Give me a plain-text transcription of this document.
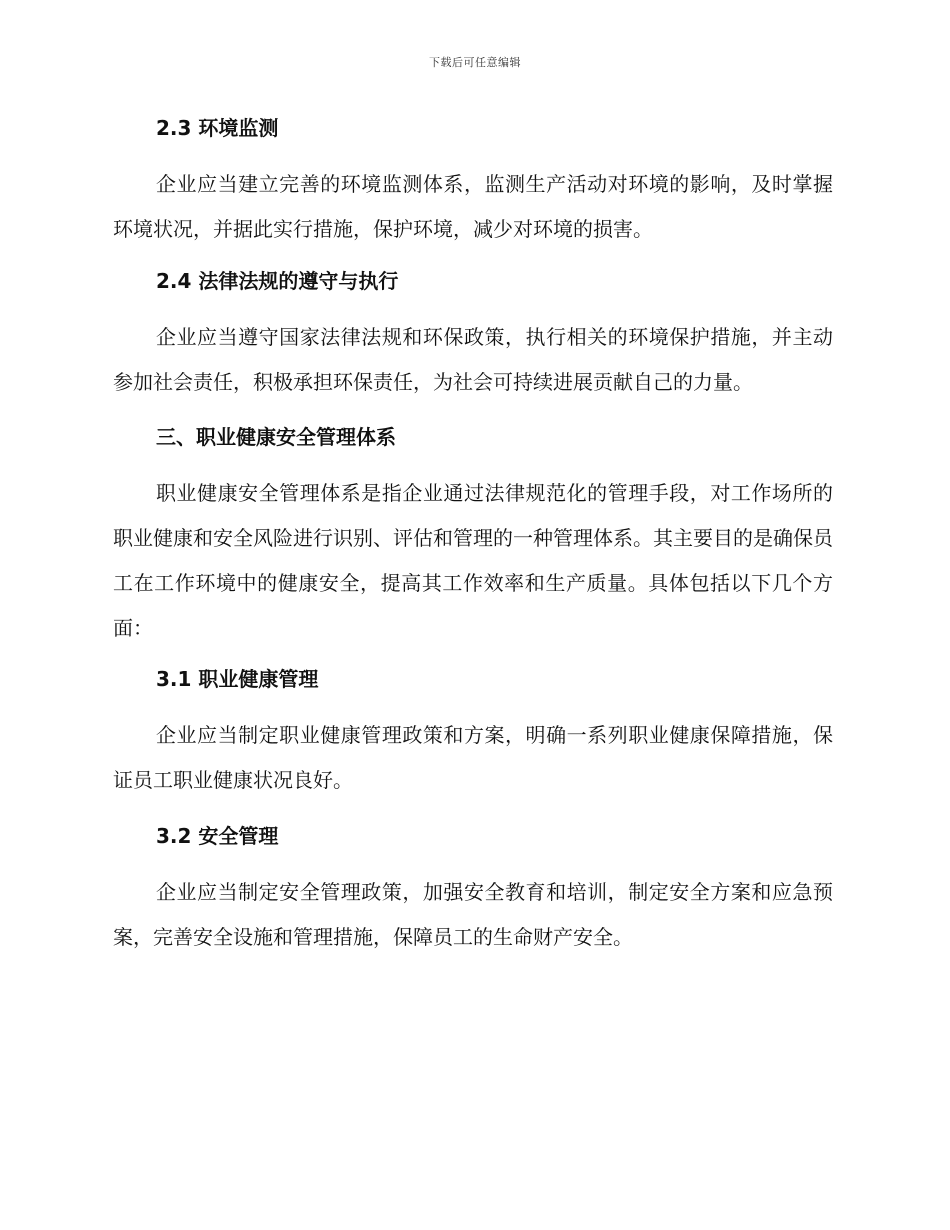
下载后可任意编辑
2.3 环境监测

企业应当建立完善的环境监测体系，监测生产活动对环境的影响，及时掌握环境状况，并据此实行措施，保护环境，减少对环境的损害。

2.4 法律法规的遵守与执行

企业应当遵守国家法律法规和环保政策，执行相关的环境保护措施，并主动参加社会责任，积极承担环保责任，为社会可持续进展贡献自己的力量。

三、职业健康安全管理体系

职业健康安全管理体系是指企业通过法律规范化的管理手段，对工作场所的职业健康和安全风险进行识别、评估和管理的一种管理体系。其主要目的是确保员工在工作环境中的健康安全，提高其工作效率和生产质量。具体包括以下几个方面：

3.1 职业健康管理

企业应当制定职业健康管理政策和方案，明确一系列职业健康保障措施，保证员工职业健康状况良好。

3.2 安全管理

企业应当制定安全管理政策，加强安全教育和培训，制定安全方案和应急预案，完善安全设施和管理措施，保障员工的生命财产安全。
